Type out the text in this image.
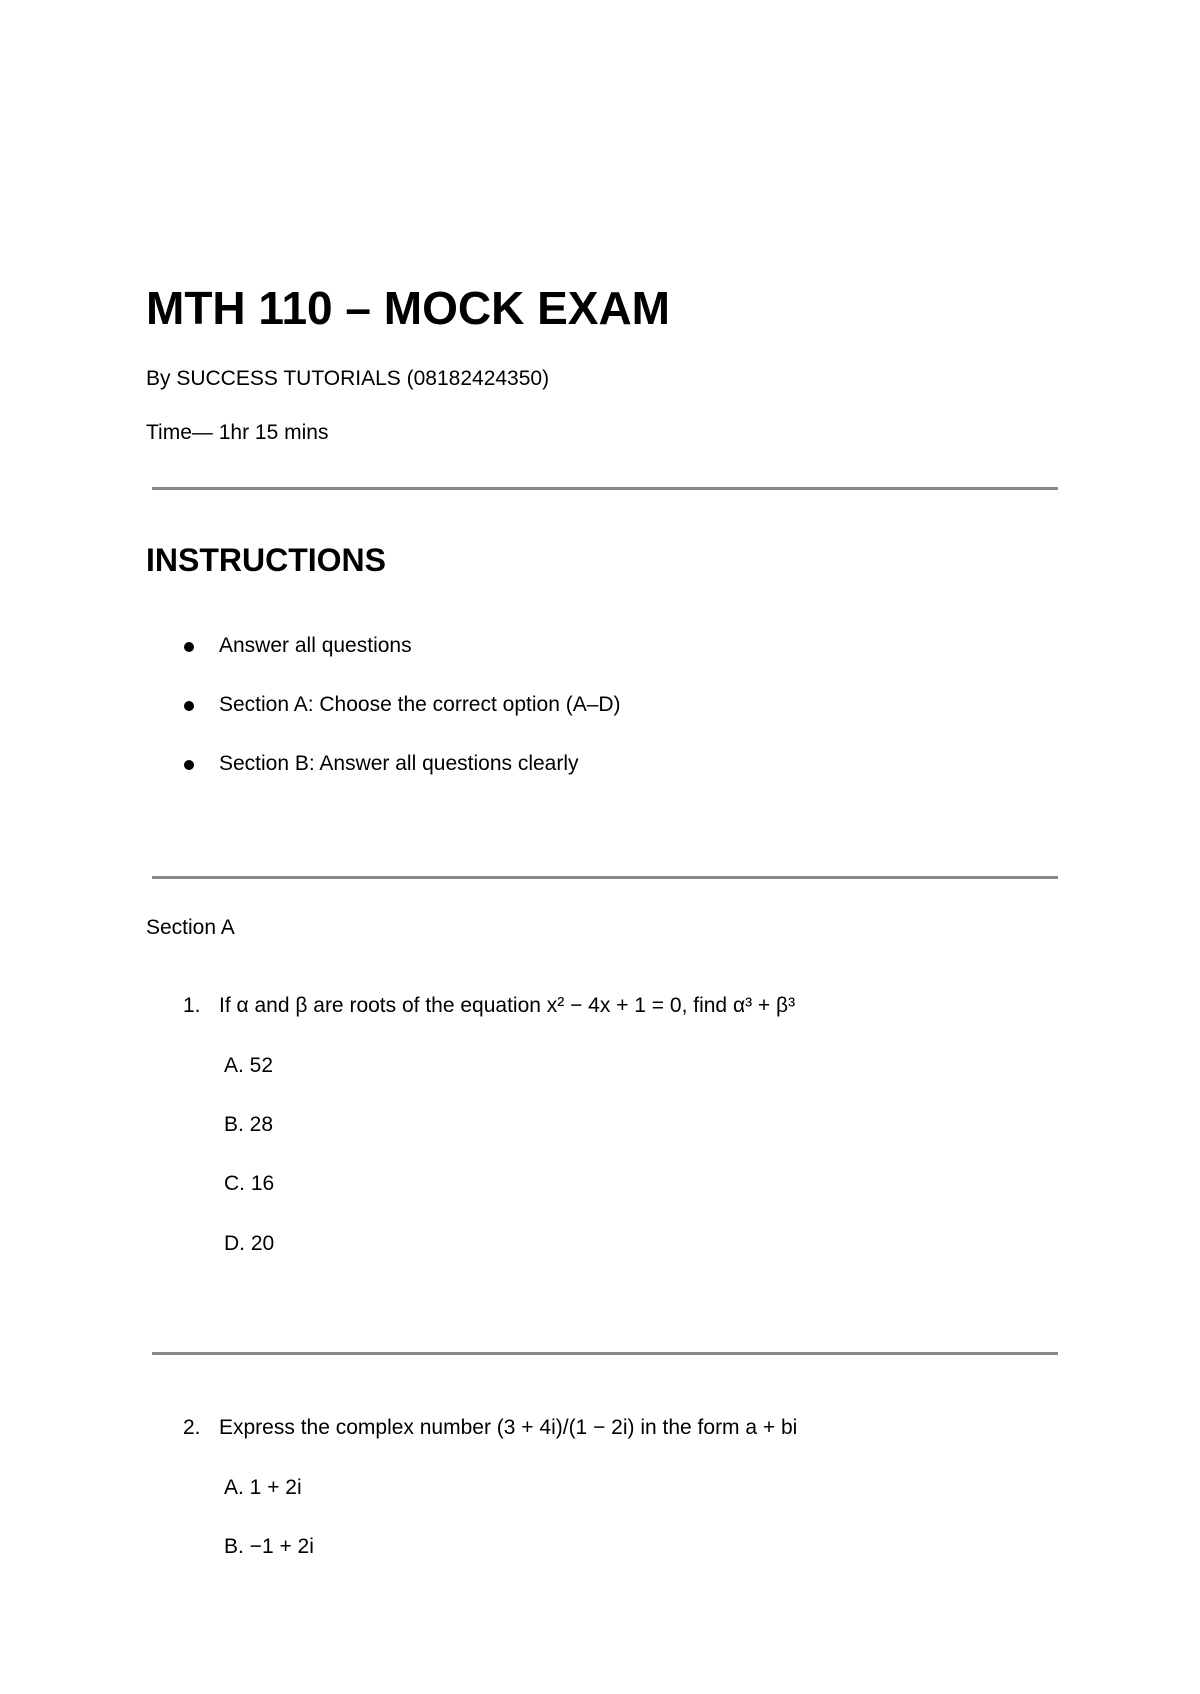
MTH 110 – MOCK EXAM
By SUCCESS TUTORIALS (08182424350)
Time— 1hr 15 mins
INSTRUCTIONS
Answer all questions
Section A: Choose the correct option (A–D)
Section B: Answer all questions clearly
Section A
1. If α and β are roots of the equation x² − 4x + 1 = 0, find α³ + β³
A. 52
B. 28
C. 16
D. 20
2. Express the complex number (3 + 4i)/(1 − 2i) in the form a + bi
A. 1 + 2i
B. −1 + 2i
